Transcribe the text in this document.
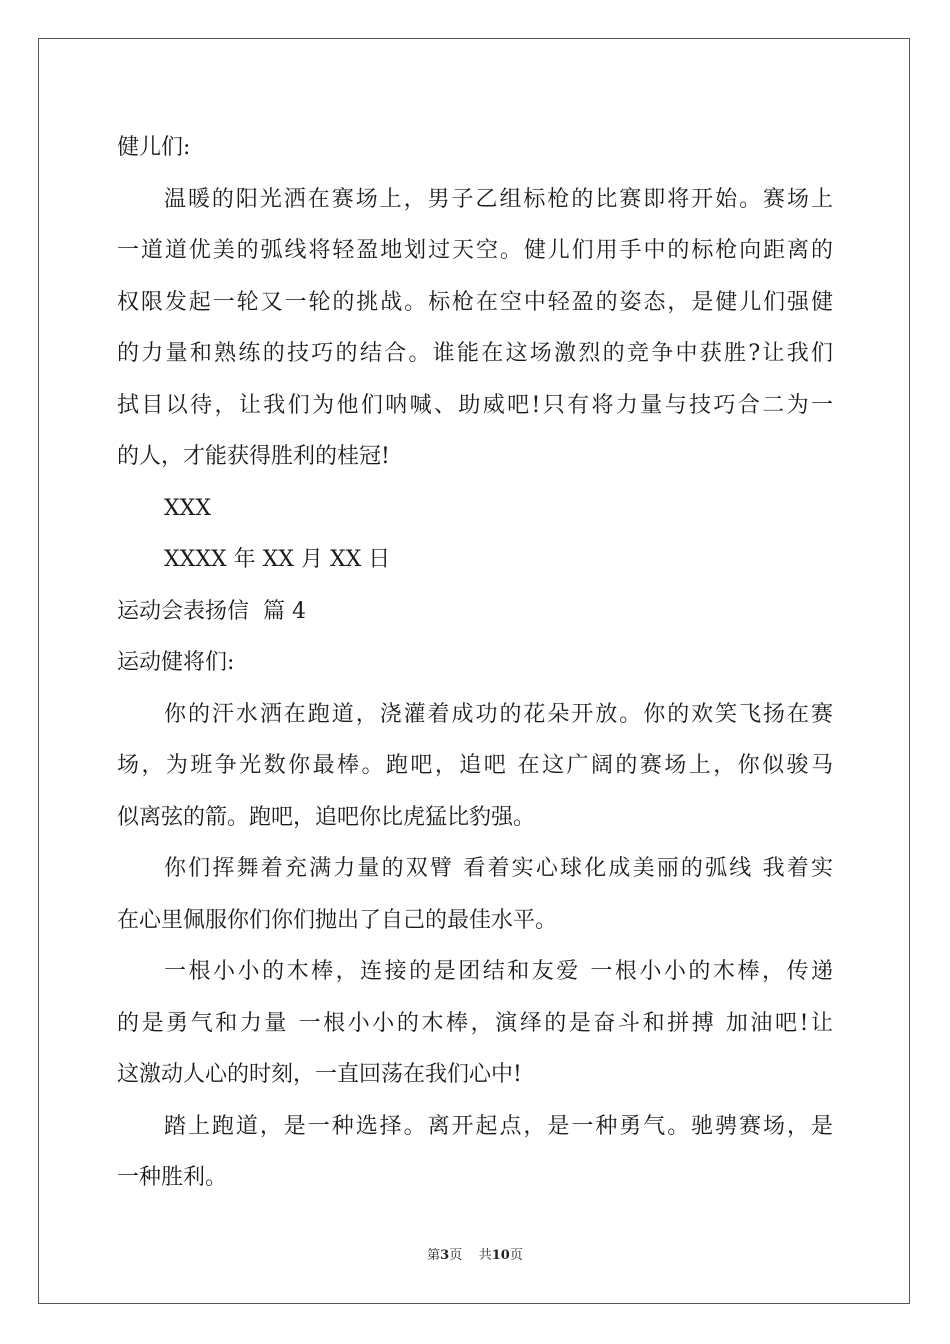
健儿们:
温暖的阳光洒在赛场上，男子乙组标枪的比赛即将开始。赛场上
一道道优美的弧线将轻盈地划过天空。健儿们用手中的标枪向距离的
权限发起一轮又一轮的挑战。标枪在空中轻盈的姿态，是健儿们强健
的力量和熟练的技巧的结合。谁能在这场激烈的竞争中获胜?让我们
拭目以待，让我们为他们呐喊、助威吧!只有将力量与技巧合二为一
的人，才能获得胜利的桂冠!
XXX
XXXX 年 XX 月 XX 日
运动会表扬信  篇 4
运动健将们:
你的汗水洒在跑道，浇灌着成功的花朵开放。你的欢笑飞扬在赛
场，为班争光数你最棒。跑吧，追吧 在这广阔的赛场上，你似骏马
似离弦的箭。跑吧，追吧你比虎猛比豹强。
你们挥舞着充满力量的双臂 看着实心球化成美丽的弧线 我着实
在心里佩服你们你们抛出了自己的最佳水平。
一根小小的木棒，连接的是团结和友爱 一根小小的木棒，传递
的是勇气和力量 一根小小的木棒，演绎的是奋斗和拼搏 加油吧!让
这激动人心的时刻，一直回荡在我们心中!
踏上跑道，是一种选择。离开起点，是一种勇气。驰骋赛场，是
一种胜利。
第3页 共10页
